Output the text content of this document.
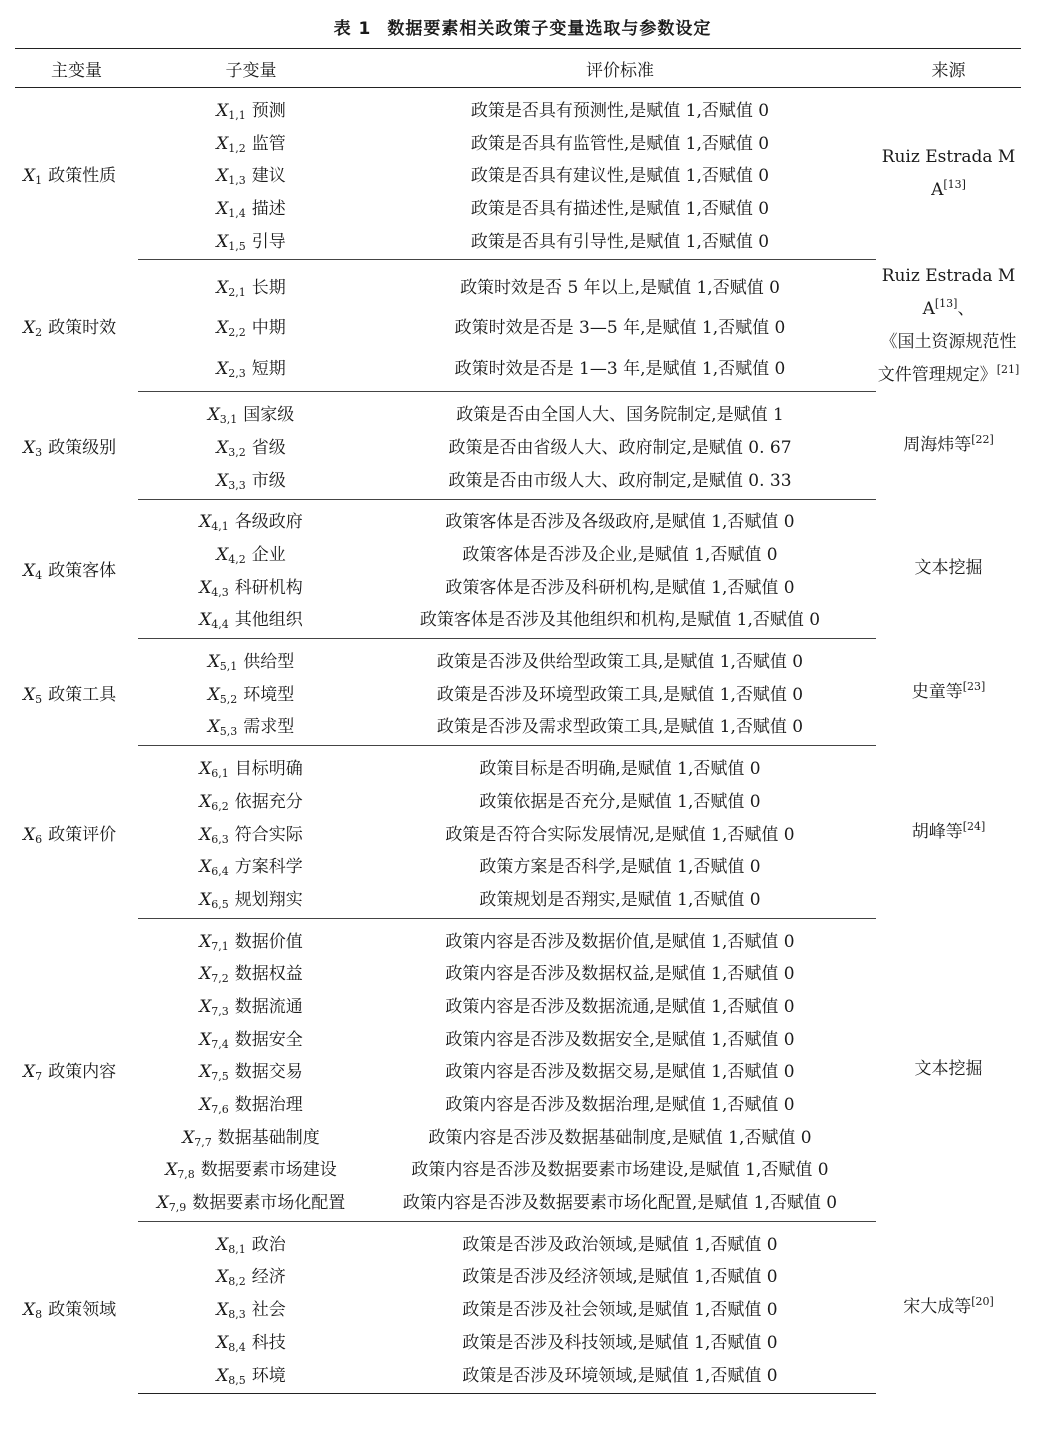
表 1 数据要素相关政策子变量选取与参数设定
主变量	子变量	评价标准	来源
$X_1$ 政策性质			Ruiz Estrada M A[13]

	$X_{1,1}$ 预测	政策是否具有预测性,是赋值 1,否赋值 0	
	$X_{1,2}$ 监管	政策是否具有监管性,是赋值 1,否赋值 0	
	$X_{1,3}$ 建议	政策是否具有建议性,是赋值 1,否赋值 0	
	$X_{1,4}$ 描述	政策是否具有描述性,是赋值 1,否赋值 0	
	$X_{1,5}$ 引导	政策是否具有引导性,是赋值 1,否赋值 0	

$X_2$ 政策时效			Ruiz Estrada M A[13]、
《国土资源规范性
文件管理规定》[21]

	$X_{2,1}$ 长期	政策时效是否 5 年以上,是赋值 1,否赋值 0	
	$X_{2,2}$ 中期	政策时效是否是 3—5 年,是赋值 1,否赋值 0	
	$X_{2,3}$ 短期	政策时效是否是 1—3 年,是赋值 1,否赋值 0	

$X_3$ 政策级别			周海炜等[22]

	$X_{3,1}$ 国家级	政策是否由全国人大、国务院制定,是赋值 1	
	$X_{3,2}$ 省级	政策是否由省级人大、政府制定,是赋值 0. 67	
	$X_{3,3}$ 市级	政策是否由市级人大、政府制定,是赋值 0. 33	

$X_4$ 政策客体			文本挖掘

	$X_{4,1}$ 各级政府	政策客体是否涉及各级政府,是赋值 1,否赋值 0	
	$X_{4,2}$ 企业	政策客体是否涉及企业,是赋值 1,否赋值 0	
	$X_{4,3}$ 科研机构	政策客体是否涉及科研机构,是赋值 1,否赋值 0	
	$X_{4,4}$ 其他组织	政策客体是否涉及其他组织和机构,是赋值 1,否赋值 0	

$X_5$ 政策工具			史童等[23]

	$X_{5,1}$ 供给型	政策是否涉及供给型政策工具,是赋值 1,否赋值 0	
	$X_{5,2}$ 环境型	政策是否涉及环境型政策工具,是赋值 1,否赋值 0	
	$X_{5,3}$ 需求型	政策是否涉及需求型政策工具,是赋值 1,否赋值 0	

$X_6$ 政策评价			胡峰等[24]

	$X_{6,1}$ 目标明确	政策目标是否明确,是赋值 1,否赋值 0	
	$X_{6,2}$ 依据充分	政策依据是否充分,是赋值 1,否赋值 0	
	$X_{6,3}$ 符合实际	政策是否符合实际发展情况,是赋值 1,否赋值 0	
	$X_{6,4}$ 方案科学	政策方案是否科学,是赋值 1,否赋值 0	
	$X_{6,5}$ 规划翔实	政策规划是否翔实,是赋值 1,否赋值 0	

$X_7$ 政策内容			文本挖掘

	$X_{7,1}$ 数据价值	政策内容是否涉及数据价值,是赋值 1,否赋值 0	
	$X_{7,2}$ 数据权益	政策内容是否涉及数据权益,是赋值 1,否赋值 0	
	$X_{7,3}$ 数据流通	政策内容是否涉及数据流通,是赋值 1,否赋值 0	
	$X_{7,4}$ 数据安全	政策内容是否涉及数据安全,是赋值 1,否赋值 0	
	$X_{7,5}$ 数据交易	政策内容是否涉及数据交易,是赋值 1,否赋值 0	
	$X_{7,6}$ 数据治理	政策内容是否涉及数据治理,是赋值 1,否赋值 0	
	$X_{7,7}$ 数据基础制度	政策内容是否涉及数据基础制度,是赋值 1,否赋值 0	
	$X_{7,8}$ 数据要素市场建设	政策内容是否涉及数据要素市场建设,是赋值 1,否赋值 0	
	$X_{7,9}$ 数据要素市场化配置	政策内容是否涉及数据要素市场化配置,是赋值 1,否赋值 0	

$X_8$ 政策领域			宋大成等[20]

	$X_{8,1}$ 政治	政策是否涉及政治领域,是赋值 1,否赋值 0	
	$X_{8,2}$ 经济	政策是否涉及经济领域,是赋值 1,否赋值 0	
	$X_{8,3}$ 社会	政策是否涉及社会领域,是赋值 1,否赋值 0	
	$X_{8,4}$ 科技	政策是否涉及科技领域,是赋值 1,否赋值 0	
	$X_{8,5}$ 环境	政策是否涉及环境领域,是赋值 1,否赋值 0	
